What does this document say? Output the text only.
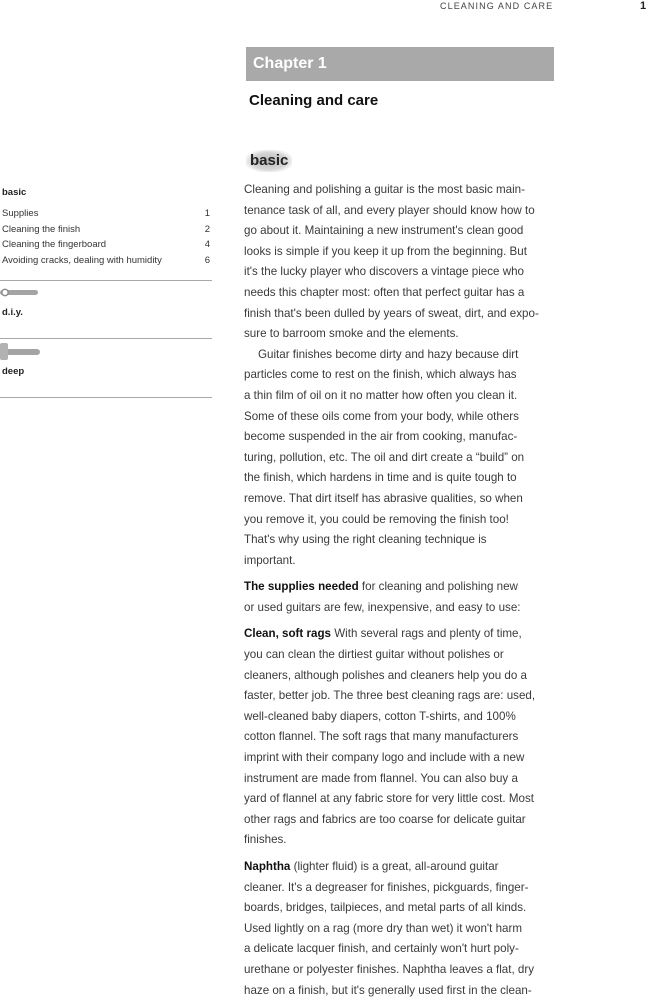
CLEANING AND CARE	1
Chapter 1
Cleaning and care
basic
Supplies	1
Cleaning the finish	2
Cleaning the fingerboard	4
Avoiding cracks, dealing with humidity	6
d.i.y.
deep
basic

Cleaning and polishing a guitar is the most basic main-
tenance task of all, and every player should know how to
go about it. Maintaining a new instrument's clean good
looks is simple if you keep it up from the beginning. But
it's the lucky player who discovers a vintage piece who
needs this chapter most: often that perfect guitar has a
finish that's been dulled by years of sweat, dirt, and expo-
sure to barroom smoke and the elements.

Guitar finishes become dirty and hazy because dirt
particles come to rest on the finish, which always has
a thin film of oil on it no matter how often you clean it.
Some of these oils come from your body, while others
become suspended in the air from cooking, manufac-
turing, pollution, etc. The oil and dirt create a “build” on
the finish, which hardens in time and is quite tough to
remove. That dirt itself has abrasive qualities, so when
you remove it, you could be removing the finish too!
That's why using the right cleaning technique is
important.

The supplies needed for cleaning and polishing new
or used guitars are few, inexpensive, and easy to use:

Clean, soft rags With several rags and plenty of time,
you can clean the dirtiest guitar without polishes or
cleaners, although polishes and cleaners help you do a
faster, better job. The three best cleaning rags are: used,
well-cleaned baby diapers, cotton T-shirts, and 100%
cotton flannel. The soft rags that many manufacturers
imprint with their company logo and include with a new
instrument are made from flannel. You can also buy a
yard of flannel at any fabric store for very little cost. Most
other rags and fabrics are too coarse for delicate guitar
finishes.

Naphtha (lighter fluid) is a great, all-around guitar
cleaner. It's a degreaser for finishes, pickguards, finger-
boards, bridges, tailpieces, and metal parts of all kinds.
Used lightly on a rag (more dry than wet) it won't harm
a delicate lacquer finish, and certainly won't hurt poly-
urethane or polyester finishes. Naphtha leaves a flat, dry
haze on a finish, but it's generally used first in the clean-
